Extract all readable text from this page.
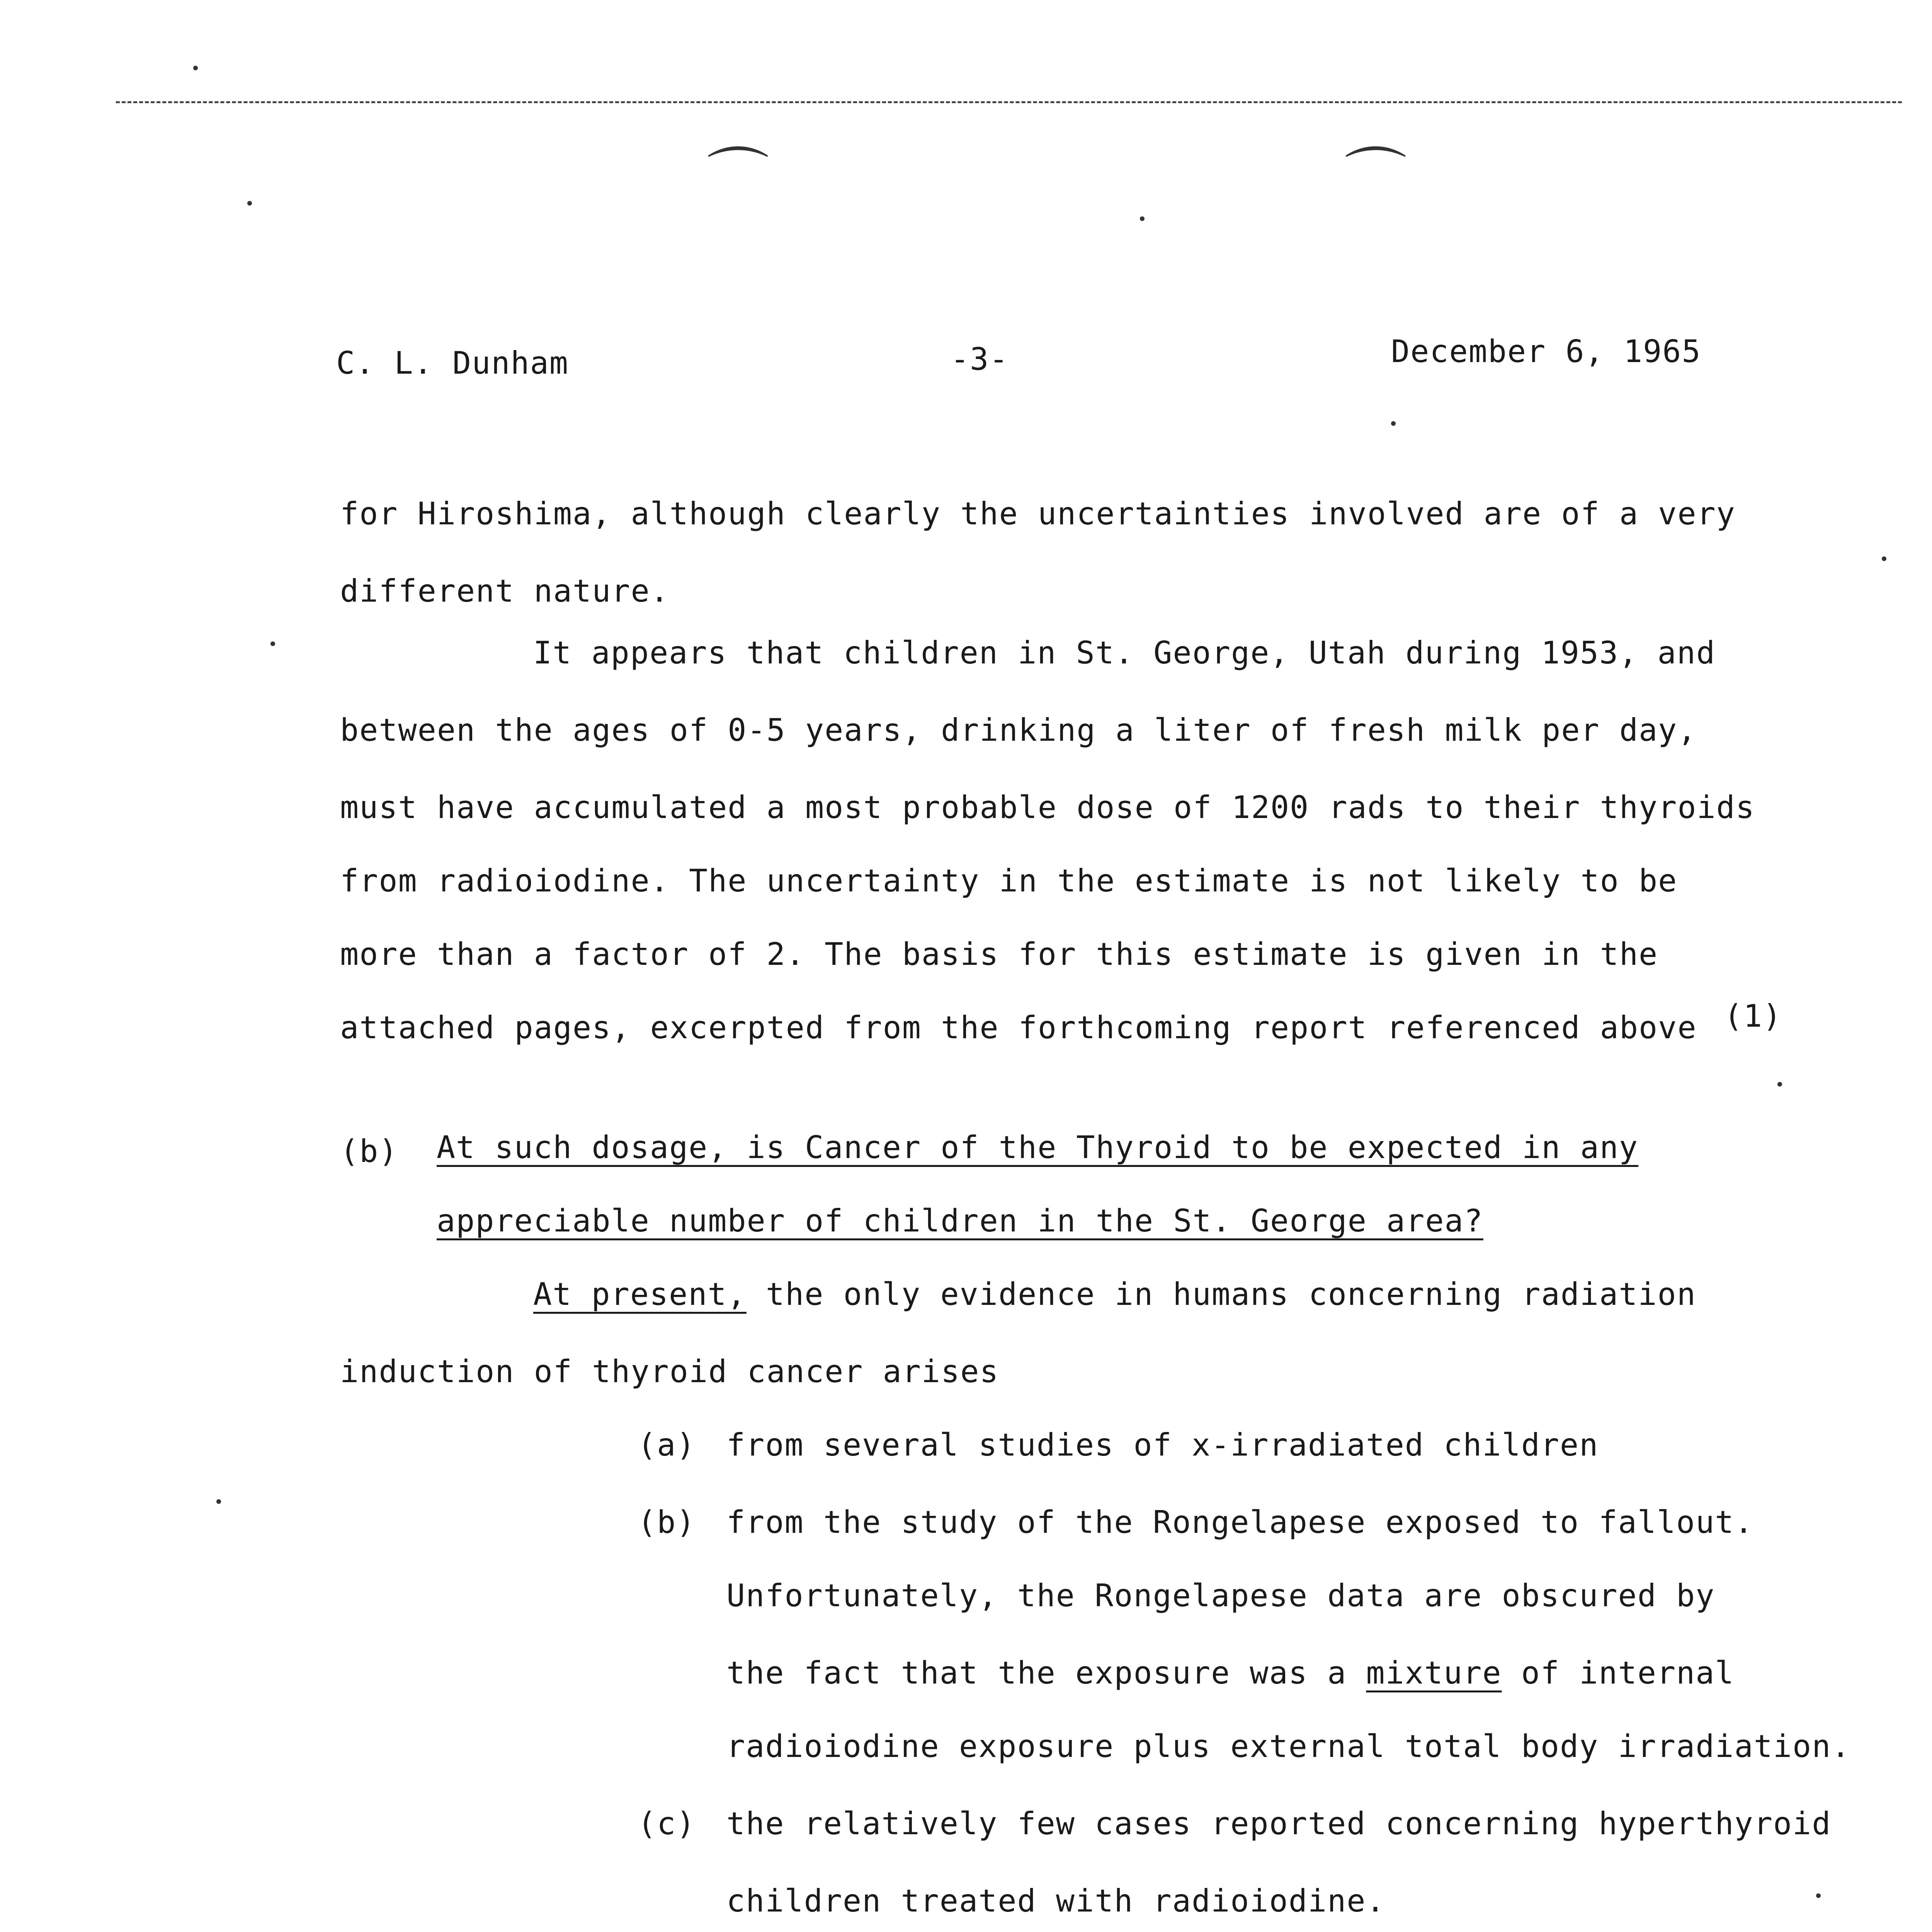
⌒	⌒
C. L. Dunham	-3-	December 6, 1965
for Hiroshima, although clearly the uncertainties involved are of a very
different nature.
It appears that children in St. George, Utah during 1953, and
between the ages of 0-5 years, drinking a liter of fresh milk per day,
must have accumulated a most probable dose of 1200 rads to their thyroids
from radioiodine. The uncertainty in the estimate is not likely to be
more than a factor of 2. The basis for this estimate is given in the
attached pages, excerpted from the forthcoming report referenced above (1)
(b) At such dosage, is Cancer of the Thyroid to be expected in any
appreciable number of children in the St. George area?
At present, the only evidence in humans concerning radiation
induction of thyroid cancer arises
(a) from several studies of x-irradiated children
(b) from the study of the Rongelapese exposed to fallout.
Unfortunately, the Rongelapese data are obscured by
the fact that the exposure was a mixture of internal
radioiodine exposure plus external total body irradiation.
(c) the relatively few cases reported concerning hyperthyroid
children treated with radioiodine.
